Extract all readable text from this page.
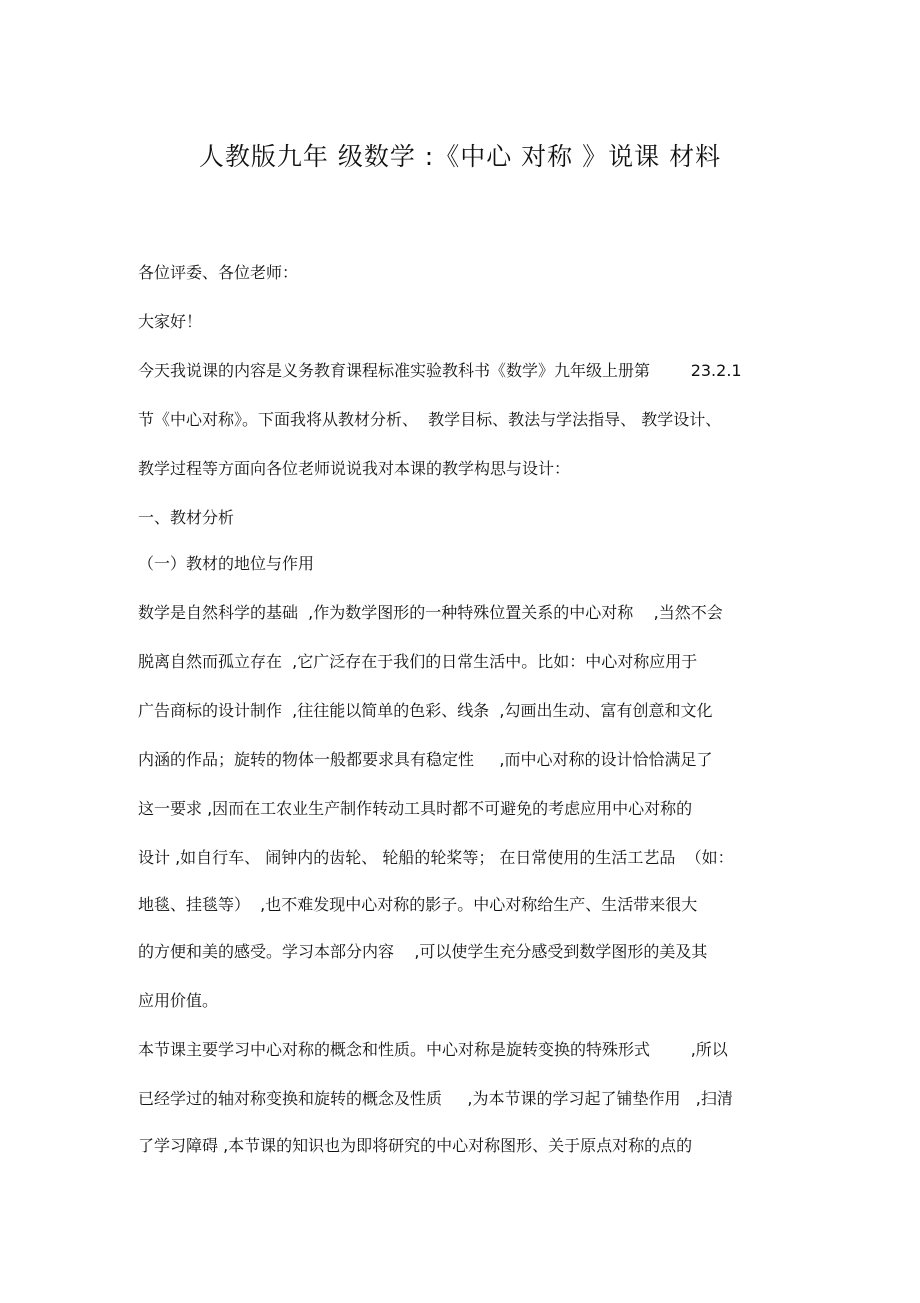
人教版九年 级数学 :《中心 对称 》说课 材料
各位评委、各位老师：
大家好！
今天我说课的内容是义务教育课程标准实验教科书《数学》九年级上册第        23.2.1
节《中心对称》。下面我将从教材分析、  教学目标、教法与学法指导、 教学设计、
教学过程等方面向各位老师说说我对本课的教学构思与设计：
一、教材分析
（一）教材的地位与作用
数学是自然科学的基础  ,作为数学图形的一种特殊位置关系的中心对称    ,当然不会
脱离自然而孤立存在  ,它广泛存在于我们的日常生活中。比如：中心对称应用于
广告商标的设计制作  ,往往能以简单的色彩、线条  ,勾画出生动、富有创意和文化
内涵的作品；旋转的物体一般都要求具有稳定性     ,而中心对称的设计恰恰满足了
这一要求 ,因而在工农业生产制作转动工具时都不可避免的考虑应用中心对称的
设计 ,如自行车、 闹钟内的齿轮、 轮船的轮桨等； 在日常使用的生活工艺品  （如：
地毯、挂毯等）  ,也不难发现中心对称的影子。中心对称给生产、生活带来很大
的方便和美的感受。学习本部分内容    ,可以使学生充分感受到数学图形的美及其
应用价值。
本节课主要学习中心对称的概念和性质。中心对称是旋转变换的特殊形式        ,所以
已经学过的轴对称变换和旋转的概念及性质     ,为本节课的学习起了铺垫作用   ,扫清
了学习障碍 ,本节课的知识也为即将研究的中心对称图形、关于原点对称的点的
